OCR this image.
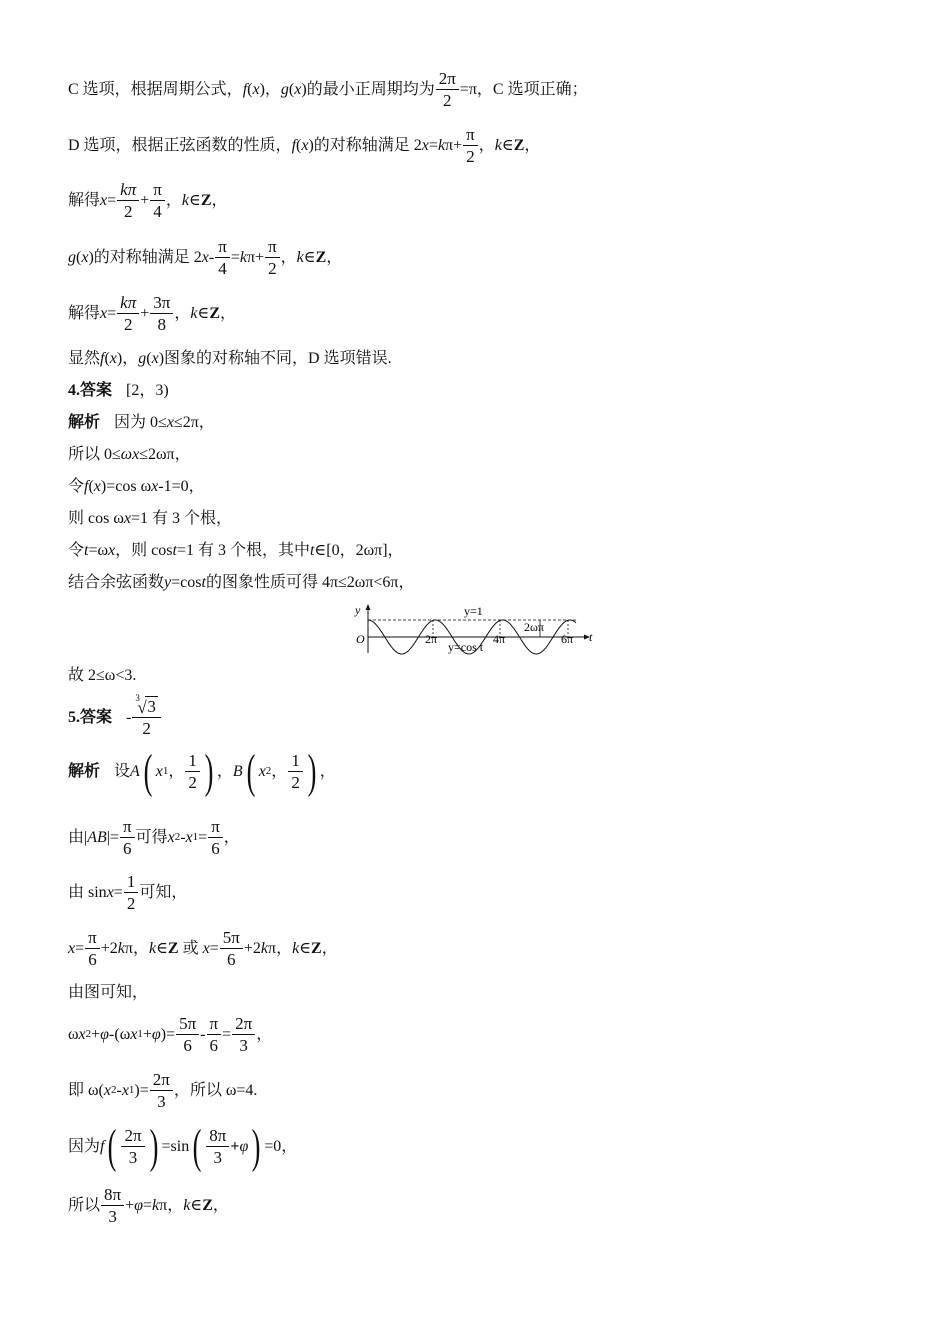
C 选项，根据周期公式， f ( x ) ， g ( x ) 的最小正周期均为 $\frac{2\pi}{2} =\pi$，C 选项正确；
D 选项，根据正弦函数的性质， f ( x ) 的对称轴满足 2 x = k $\pi+ \frac{\pi}{2}$ ， k ∈ Z ，
解得 $x = \frac{k\pi}{2} + \frac{\pi}{4}$ ， k ∈ Z ，
g ( x ) 的对称轴满足 2 $x - \frac{\pi}{4} = k$ $\pi+ \frac{\pi}{2}$ ， k ∈ Z ，
解得 $x = \frac{k\pi}{2} + \frac{3\pi}{8}$ ， k ∈ Z ，
显然 f ( x ) ， g ( x ) 图象的对称轴不同，D 选项错误.
4.答案 [2，3)
解析 因为 0≤ x ≤2π，
所以 0≤ ωx ≤2ωπ，
令 f ( x ) =cos ω x -1=0，
则 cos ω x =1 有 3 个根，
令 t =ω x ，则 cos t =1 有 3 个根，其中 t ∈[0，2ωπ]，
结合余弦函数 y =cos t 的图象性质可得 4π≤2ωπ<6π，
y
t
O
y=1
y=cos t
2π	4π	6π
2ωπ
故 2≤ω<3.
5.答案 - 3
√ 3
2
解析 设 A ( x 1 ， $\frac{1}{2}$ ) ， B ( x 2 ， $\frac{1}{2}$ ) ，
由| AB |= $\frac{\pi}{6}$ 可得 x 2 - x $1 = \frac{\pi}{6}$ ，
由 $\sin x = \frac{1}{2}$ 可知，
$x = \frac{\pi}{6} +2$ k π， k ∈ Z 或 $x = \frac{5\pi}{6} +2$ k π， k ∈ Z ，
由图可知，
ω x 2 + φ -(ω x 1 + φ )= $\frac{5\pi}{6} - \frac{\pi}{6} = \frac{2\pi}{3}$ ，
即 ω( x 2 - x 1 )= $\frac{2\pi}{3}$ ，所以 ω=4.
因为 f ( $\frac{2\pi}{3}$ ) =sin ( $\frac{8\pi}{3} + \varphi$ ) =0，
所以 $\frac{8\pi}{3} + \varphi = k$ π， k ∈ Z ，
